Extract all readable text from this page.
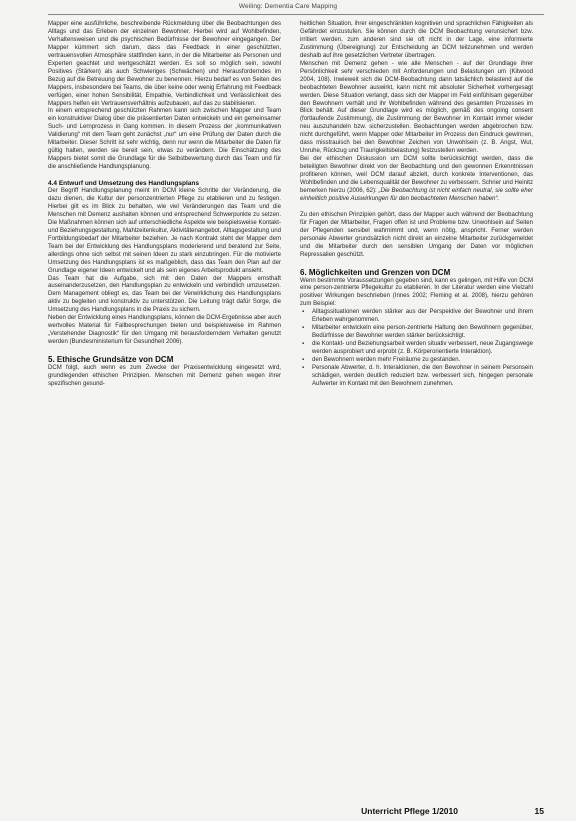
Weiling: Dementia Care Mapping

Mapper eine ausführliche, beschreibende Rückmeldung über die Beobachtungen des Alltags und das Erleben der einzelnen Bewohner. Hierbei wird auf Wohlbefinden, Verhaltensweisen und die psychischen Bedürfnisse der Bewohner eingegangen. Der Mapper kümmert sich darum, dass das Feedback in einer geschützten, vertrauensvollen Atmosphäre stattfinden kann, in der die Mitarbeiter als Personen und Experten geachtet und wertgeschätzt werden. Es soll so möglich sein, sowohl Positives (Stärken) als auch Schwieriges (Schwächen) und Herausforderndes im Bezug auf die Betreuung der Bewohner zu benennen. Hierzu bedarf es von Seiten des Mappers, insbesondere bei Teams, die über keine oder wenig Erfahrung mit Feedback verfügen, einer hohen Sensibilität, Empathie, Verbindlichkeit und Verlässlichkeit des Mappers helfen ein Vertrauensverhältnis aufzubauen, auf das zu stabilisieren.

In einem entsprechend geschützten Rahmen kann sich zwischen Mapper und Team ein konstruktiver Dialog über die präsentierten Daten entwickeln und ein gemeinsamer Such- und Lernprozess in Gang kommen. In diesem Prozess der „kommunikativen Validierung“ mit dem Team geht zunächst „nur“ um eine Prüfung der Daten durch die Mitarbeiter. Dieser Schritt ist sehr wichtig, denn nur wenn die Mitarbeiter die Daten für gültig halten, werden sie bereit sein, etwas zu verändern. Die Einschätzung des Mappers bietet somit die Grundlage für die Selbstbewertung durch das Team und für die anschließende Handlungsplanung.

4.4 Entwurf und Umsetzung des Handlungsplans

Der Begriff Handlungsplanung meint im DCM kleine Schritte der Veränderung, die dazu dienen, die Kultur der personzentrierten Pflege zu etablieren und zu festigen. Hierbei gilt es im Blick zu behalten, wie viel Veränderungen das Team und die Menschen mit Demenz aushalten können und entsprechend Schwerpunkte zu setzen. Die Maßnahmen können sich auf unterschiedliche Aspekte wie beispielsweise Kontakt- und Beziehungsgestaltung, Mahlzeitenkultur, Aktivitätenangebot, Alltagsgestaltung und Fortbildungsbedarf der Mitarbeiter beziehen. Je nach Kontrakt steht der Mapper dem Team bei der Entwicklung des Handlungsplans moderierend und beratend zur Seite, allerdings ohne sich selbst mit seinen Ideen zu stark einzubringen. Für die motivierte Umsetzung des Handlungsplans ist es maßgeblich, dass das Team den Plan auf der Grundlage eigener Ideen entwickelt und als sein eigenes Arbeitsprodukt ansieht.

Das Team hat die Aufgabe, sich mit den Daten der Mappers ernsthaft auseinanderzusetzen, den Handlungsplan zu entwickeln und verbindlich umzusetzen. Dem Management obliegt es, das Team bei der Verwirklichung des Handlungsplans aktiv zu begleiten und konstruktiv zu unterstützen. Die Leitung trägt dafür Sorge, die Umsetzung des Handlungsplans in die Praxis zu sichern.

Neben der Entwicklung eines Handlungsplans, können die DCM-Ergebnisse aber auch wertvolles Material für Fallbesprechungen bieten und beispielsweise im Rahmen „Verstehender Diagnostik“ für den Umgang mit herausforderndem Verhalten genutzt werden (Bundesministerium für Gesundheit 2006).

5. Ethische Grundsätze von DCM

DCM folgt, auch wenn es zum Zwecke der Praxisentwicklung eingesetzt wird, grundlegenden ethischen Prinzipien. Menschen mit Demenz gehen wegen ihrer spezifischen gesund-

heitlichen Situation, ihrer eingeschränkten kognitiven und sprachlichen Fähigkeiten als Gefährdet einzustufen. Sie können durch die DCM Beobachtung verunsichert bzw. irritiert werden, zum anderen sind sie oft nicht in der Lage, eine informierte Zustimmung (Übereignung) zur Entscheidung an DCM teilzunehmen und werden deshalb auf ihre gesetzlichen Vertreter übertragen.

Menschen mit Demenz gehen - wie alle Menschen - auf der Grundlage ihrer Persönlichkeit sehr verschieden mit Anforderungen und Belastungen um (Kitwood 2004, 108). Inwieweit sich die DCM-Beobachtung dann tatsächlich belastend auf die beobachteten Bewohner auswirkt, kann nicht mit absoluter Sicherheit vorhergesagt werden. Diese Situation verlangt, dass sich der Mapper im Feld einfühlsam gegenüber den Bewohnern verhält und ihr Wohlbefinden während des gesamten Prozesses im Blick behält. Auf dieser Grundlage wird es möglich, gemäß des ongoing consent (fortlaufende Zustimmung), die Zustimmung der Bewohner im Kontakt immer wieder neu auszuhandeln bzw. sicherzustellen. Beobachtungen werden abgebrochen bzw. nicht durchgeführt, wenn Mapper oder Mitarbeiter im Prozess den Eindruck gewinnen, dass misstrauisch bei den Bewohner Zeichen von Unwohlsein (z. B. Angst, Wut, Unruhe, Rückzug und Traurigkeitsbelastung) festzustellen werden.

Bei der ethischen Diskussion um DCM sollte berücksichtigt werden, dass die beteiligten Bewohner direkt von der Beobachtung und den gewonnen Erkenntnissen profitieren können, weil DCM darauf abzielt, durch konkrete Interventionen, das Wohlbefinden und die Lebensqualität der Bewohner zu verbessern. Schrier und Heinitz bemerken hierzu (2006, 62): „Die Beobachtung ist nicht einfach neutral, sie sollte eher einheitlich positive Auswirkungen für den beobachteten Menschen haben“.

Zu den ethischen Prinzipien gehört, dass der Mapper auch während der Beobachtung für Fragen der Mitarbeiter, Fragen offen ist und Probleme bzw. Unwohlsein auf Seiten der Pflegenden sensibel wahrnimmt und, wenn nötig, anspricht. Ferner werden personale Abwerter grundsätzlich nicht direkt an einzelne Mitarbeiter zurückgemeldet und die Mitarbeiter durch den sensiblen Umgang der Daten vor möglichen Repressalien geschützt.

6. Möglichkeiten und Grenzen von DCM

Wenn bestimmte Voraussetzungen gegeben sind, kann es gelingen, mit Hilfe von DCM eine person-zentrierte Pflegekultur zu etablieren. In der Literatur werden eine Vielzahl positiver Wirkungen beschrieben (Innes 2002; Fleming et al. 2008), hierzu gehören zum Beispiel:

▪ Alltagssituationen werden stärker aus der Perspektive der Bewohner und ihrem Erleben wahrgenommen.
▪ Mitarbeiter entwickeln eine person-zentrierte Haltung den Bewohnern gegenüber, Bedürfnisse der Bewohner werden stärker berücksichtigt.
▪ die Kontakt- und Beziehungsarbeit werden situativ verbessert, neue Zugangswege werden ausprobiert und erprobt (z. B. Körperorientierte Interaktion).
▪ den Bewohnern werden mehr Freiräume zu gestanden.
▪ Personale Abwerter, d. h. Interaktionen, die den Bewohner in seinem Personsein schädigen, werden deutlich reduziert bzw. verbessert sich, hingegen personale Aufwerter im Kontakt mit den Bewohnern zunehmen.
Unterricht Pflege 1/2010	15
